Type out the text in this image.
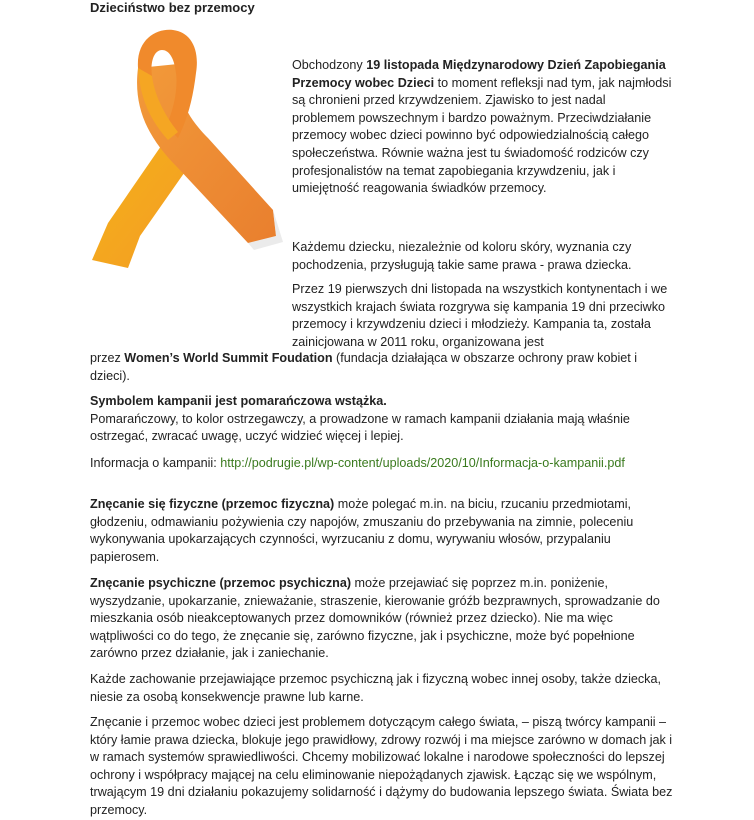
Dzieciństwo bez przemocy

Obchodzony 19 listopada Międzynarodowy Dzień Zapobiegania Przemocy wobec Dzieci to moment refleksji nad tym, jak najmłodsi są chronieni przed krzywdzeniem. Zjawisko to jest nadal problemem powszechnym i bardzo poważnym. Przeciwdziałanie przemocy wobec dzieci powinno być odpowiedzialnością całego społeczeństwa. Równie ważna jest tu świadomość rodziców czy profesjonalistów na temat zapobiegania krzywdzeniu, jak i umiejętność reagowania świadków przemocy.

Każdemu dziecku, niezależnie od koloru skóry, wyznania czy pochodzenia, przysługują takie same prawa - prawa dziecka.

Przez 19 pierwszych dni listopada na wszystkich kontynentach i we wszystkich krajach świata rozgrywa się kampania 19 dni przeciwko przemocy i krzywdzeniu dzieci i młodzieży. Kampania ta, została zainicjowana w 2011 roku, organizowana jest

przez Women’s World Summit Foudation (fundacja działająca w obszarze ochrony praw kobiet i dzieci).

Symbolem kampanii jest pomarańczowa wstążka.
Pomarańczowy, to kolor ostrzegawczy, a prowadzone w ramach kampanii działania mają właśnie ostrzegać, zwracać uwagę, uczyć widzieć więcej i lepiej.

Informacja o kampanii: http://podrugie.pl/wp-content/uploads/2020/10/Informacja-o-kampanii.pdf

Znęcanie się fizyczne (przemoc fizyczna) może polegać m.in. na biciu, rzucaniu przedmiotami, głodzeniu, odmawianiu pożywienia czy napojów, zmuszaniu do przebywania na zimnie, poleceniu wykonywania upokarzających czynności, wyrzucaniu z domu, wyrywaniu włosów, przypalaniu papierosem.

Znęcanie psychiczne (przemoc psychiczna) może przejawiać się poprzez m.in. poniżenie, wyszydzanie, upokarzanie, znieważanie, straszenie, kierowanie gróźb bezprawnych, sprowadzanie do mieszkania osób nieakceptowanych przez domowników (również przez dziecko). Nie ma więc wątpliwości co do tego, że znęcanie się, zarówno fizyczne, jak i psychiczne, może być popełnione zarówno przez działanie, jak i zaniechanie.

Każde zachowanie przejawiające przemoc psychiczną jak i fizyczną wobec innej osoby, także dziecka, niesie za osobą konsekwencje prawne lub karne.

Znęcanie i przemoc wobec dzieci jest problemem dotyczącym całego świata, – piszą twórcy kampanii – który łamie prawa dziecka, blokuje jego prawidłowy, zdrowy rozwój i ma miejsce zarówno w domach jak i w ramach systemów sprawiedliwości. Chcemy mobilizować lokalne i narodowe społeczności do lepszej ochrony i współpracy mającej na celu eliminowanie niepożądanych zjawisk. Łącząc się we wspólnym, trwającym 19 dni działaniu pokazujemy solidarność i dążymy do budowania lepszego świata. Świata bez przemocy.
